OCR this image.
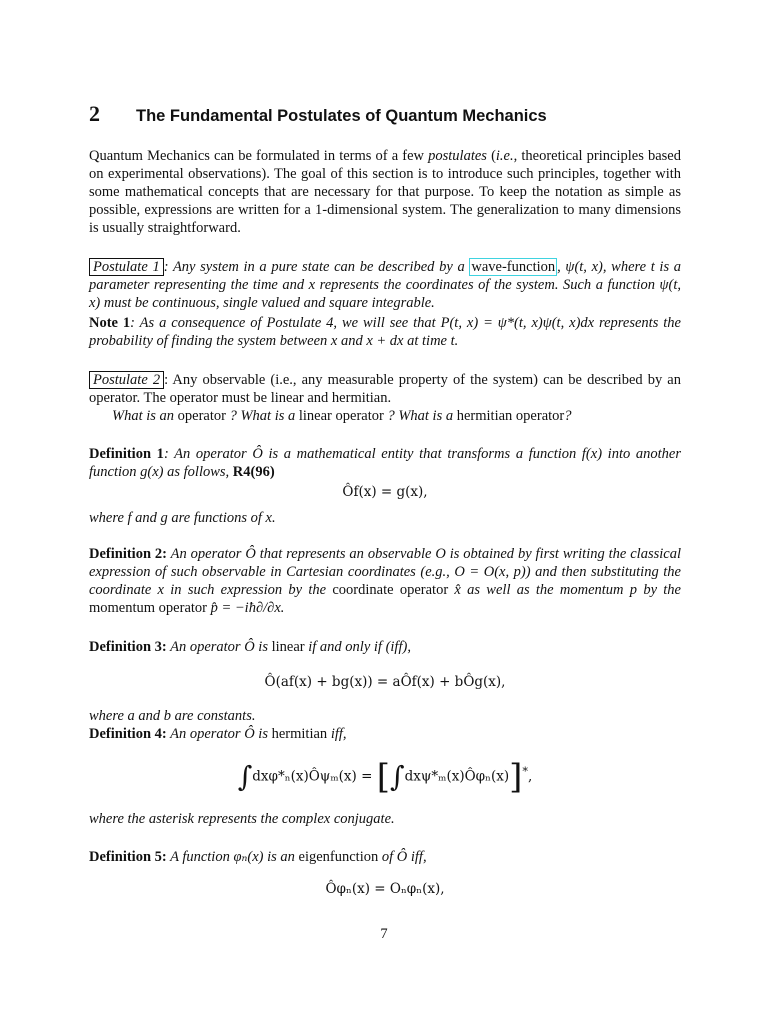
2	The Fundamental Postulates of Quantum Mechanics

Quantum Mechanics can be formulated in terms of a few postulates (i.e., theoretical principles based on experimental observations). The goal of this section is to introduce such principles, together with some mathematical concepts that are necessary for that purpose. To keep the notation as simple as possible, expressions are written for a 1-dimensional system. The generalization to many dimensions is usually straightforward.

Postulate 1 : Any system in a pure state can be described by a wave-function , ψ(t, x), where t is a parameter representing the time and x represents the coordinates of the system. Such a function ψ(t, x) must be continuous, single valued and square integrable.

Note 1: As a consequence of Postulate 4, we will see that P(t, x) = ψ*(t, x)ψ(t, x)dx represents the probability of finding the system between x and x + dx at time t.

Postulate 2 : Any observable (i.e., any measurable property of the system) can be described by an operator. The operator must be linear and hermitian.

What is an operator ? What is a linear operator ? What is a hermitian operator?

Definition 1: An operator Ô is a mathematical entity that transforms a function f(x) into another function g(x) as follows, R4(96)

Ôf(x) = g(x),

where f and g are functions of x.

Definition 2: An operator Ô that represents an observable O is obtained by first writing the classical expression of such observable in Cartesian coordinates (e.g., O = O(x, p)) and then substituting the coordinate x in such expression by the coordinate operator x̂ as well as the momentum p by the momentum operator p̂ = −iħ∂/∂x.

Definition 3: An operator Ô is linear if and only if (iff),

Ô(af(x) + bg(x)) = aÔf(x) + bÔg(x),

where a and b are constants.

Definition 4: An operator Ô is hermitian iff,

∫dxφ*ₙ(x)Ôψₘ(x) = [∫dxψ*ₘ(x)Ôφₙ(x)]*,

where the asterisk represents the complex conjugate.

Definition 5: A function φₙ(x) is an eigenfunction of Ô iff,

Ôφₙ(x) = Oₙφₙ(x),
7
